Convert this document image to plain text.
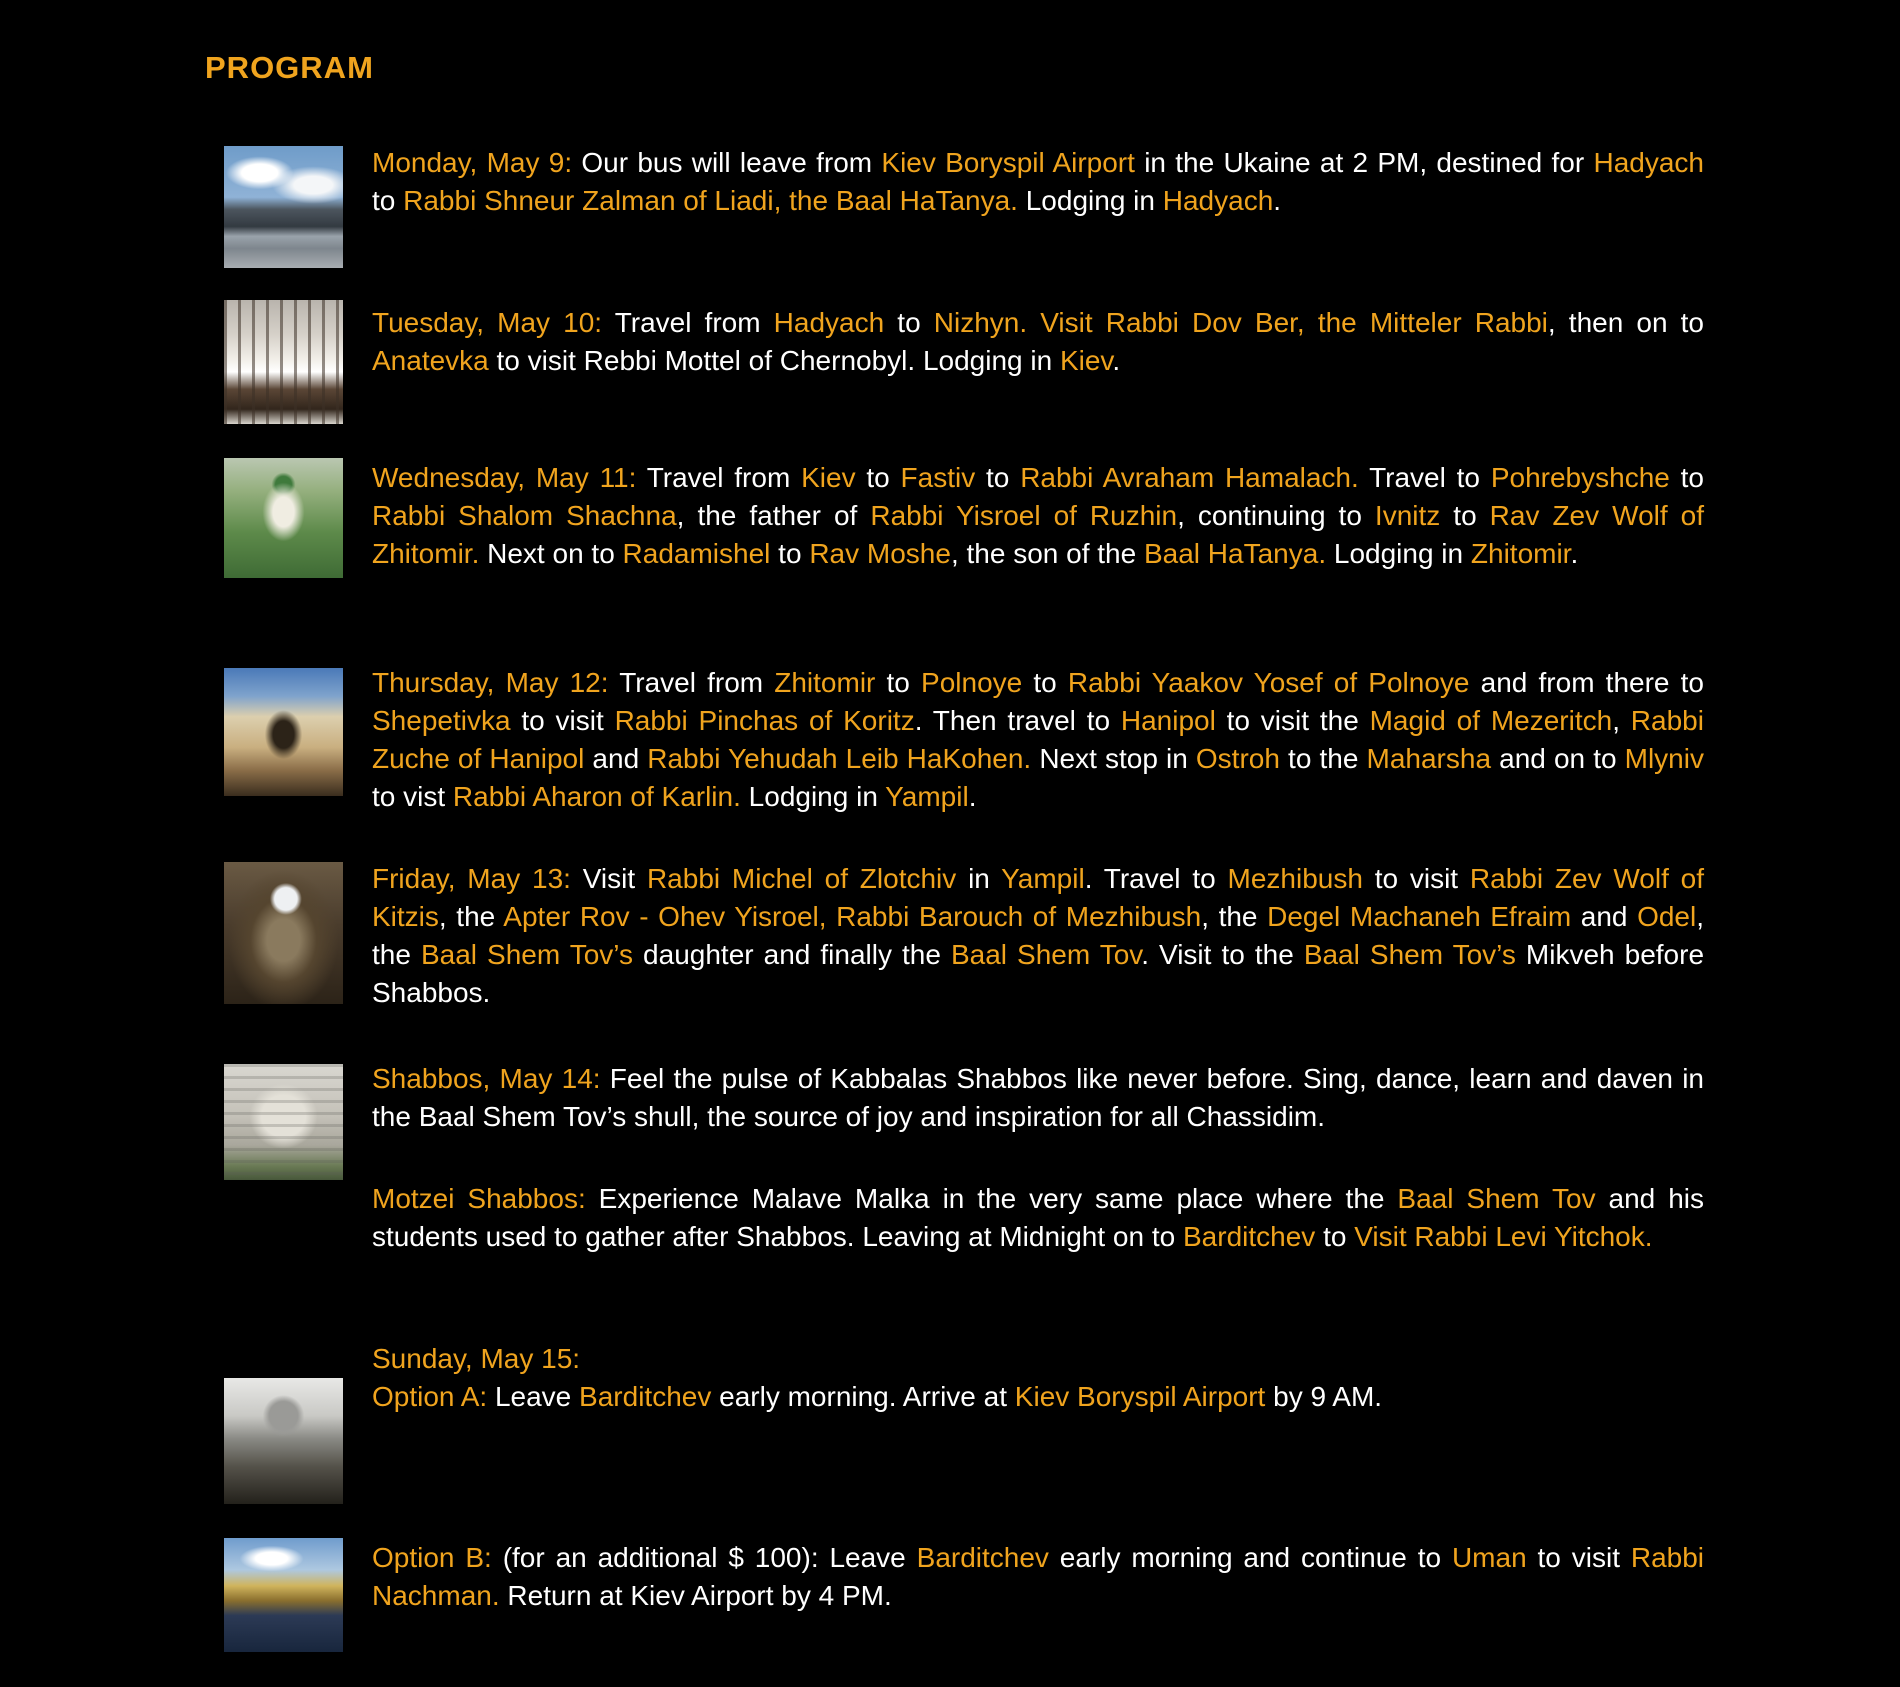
PROGRAM

Monday, May 9: Our bus will leave from Kiev Boryspil Airport in the Ukaine at 2 PM, destined for Hadyach to Rabbi Shneur Zalman of Liadi, the Baal HaTanya. Lodging in Hadyach.

Tuesday, May 10: Travel from Hadyach to Nizhyn. Visit Rabbi Dov Ber, the Mitteler Rabbi, then on to Anatevka to visit Rebbi Mottel of Chernobyl. Lodging in Kiev.

Wednesday, May 11: Travel from Kiev to Fastiv to Rabbi Avraham Hamalach. Travel to Pohrebyshche to Rabbi Shalom Shachna, the father of Rabbi Yisroel of Ruzhin, continuing to Ivnitz to Rav Zev Wolf of Zhitomir. Next on to Radamishel to Rav Moshe, the son of the Baal HaTanya. Lodging in Zhitomir.

Thursday, May 12: Travel from Zhitomir to Polnoye to Rabbi Yaakov Yosef of Polnoye and from there to Shepetivka to visit Rabbi Pinchas of Koritz. Then travel to Hanipol to visit the Magid of Mezeritch, Rabbi Zuche of Hanipol and Rabbi Yehudah Leib HaKohen. Next stop in Ostroh to the Maharsha and on to Mlyniv to vist Rabbi Aharon of Karlin. Lodging in Yampil.

Friday, May 13: Visit Rabbi Michel of Zlotchiv in Yampil. Travel to Mezhibush to visit Rabbi Zev Wolf of Kitzis, the Apter Rov - Ohev Yisroel, Rabbi Barouch of Mezhibush, the Degel Machaneh Efraim and Odel, the Baal Shem Tov’s daughter and finally the Baal Shem Tov. Visit to the Baal Shem Tov’s Mikveh before Shabbos.

Shabbos, May 14: Feel the pulse of Kabbalas Shabbos like never before. Sing, dance, learn and daven in the Baal Shem Tov’s shull, the source of joy and inspiration for all Chassidim.

Motzei Shabbos: Experience Malave Malka in the very same place where the Baal Shem Tov and his students used to gather after Shabbos. Leaving at Midnight on to Barditchev to Visit Rabbi Levi Yitchok.

Sunday, May 15:
Option A: Leave Barditchev early morning. Arrive at Kiev Boryspil Airport by 9 AM.

Option B: (for an additional $ 100): Leave Barditchev early morning and continue to Uman to visit Rabbi Nachman. Return at Kiev Airport by 4 PM.
